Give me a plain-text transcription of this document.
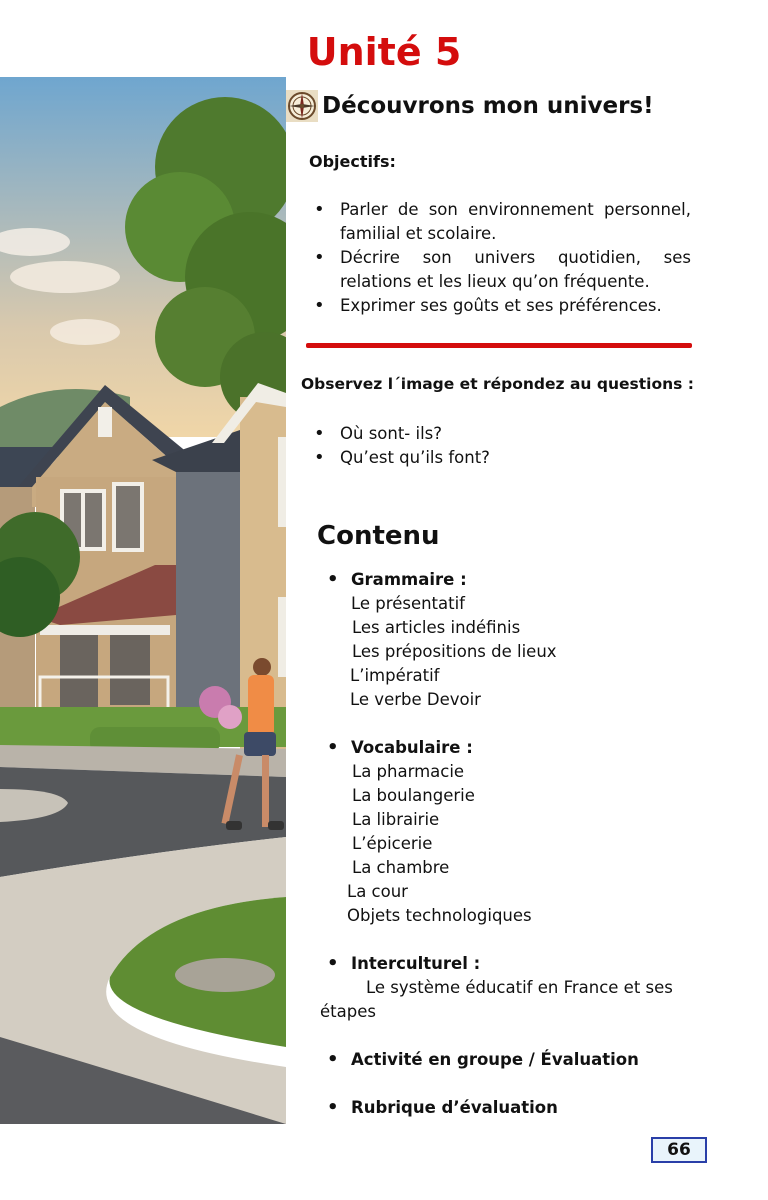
Unité 5
Découvrons mon univers!
Objectifs:
• Parler de son environnement personnel, familial et scolaire.
• Décrire son univers quotidien, ses relations et les lieux qu’on fréquente.
• Exprimer ses goûts et ses préférences.
Observez l´image et répondez au questions :
• Où sont- ils?
• Qu’est qu’ils font?
Contenu
• Grammaire :
Le présentatif
Les articles indéfinis
Les prépositions de lieux
L’impératif
Le verbe Devoir
• Vocabulaire :
La pharmacie
La boulangerie
La librairie
L’épicerie
La chambre
La cour
Objets technologiques
• Interculturel :
Le système éducatif en France et ses
étapes
• Activité en groupe / Évaluation
• Rubrique d’évaluation
66
